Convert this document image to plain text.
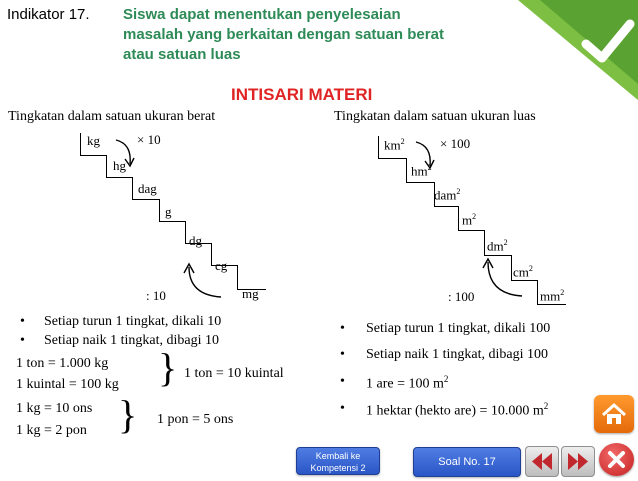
Indikator 17. Siswa dapat menentukan penyelesaian
masalah yang berkaitan dengan satuan berat
atau satuan luas
INTISARI MATERI
Tingkatan dalam satuan ukuran berat
kg
hg
dag
g
dg
cg
mg
× 10
: 10
• Setiap turun 1 tingkat, dikali 10
• Setiap naik 1 tingkat, dibagi 10
1 ton = 1.000 kg
1 kuintal = 100 kg } 1 ton = 10 kuintal
1 kg = 10 ons
1 kg = 2 pon } 1 pon = 5 ons
Tingkatan dalam satuan ukuran luas
$km^2$
$hm^2$
dam$^2$
$m^2$
$dm^2$
$cm^2$
$mm^2$
× 100
: 100
• Setiap turun 1 tingkat, dikali 100
• Setiap naik 1 tingkat, dibagi 100
• 1 are = 100 $m^2$
• 1 hektar (hekto are) = 10.000 $m^2$
Kembali ke Kompetensi 2	Soal No. 17
